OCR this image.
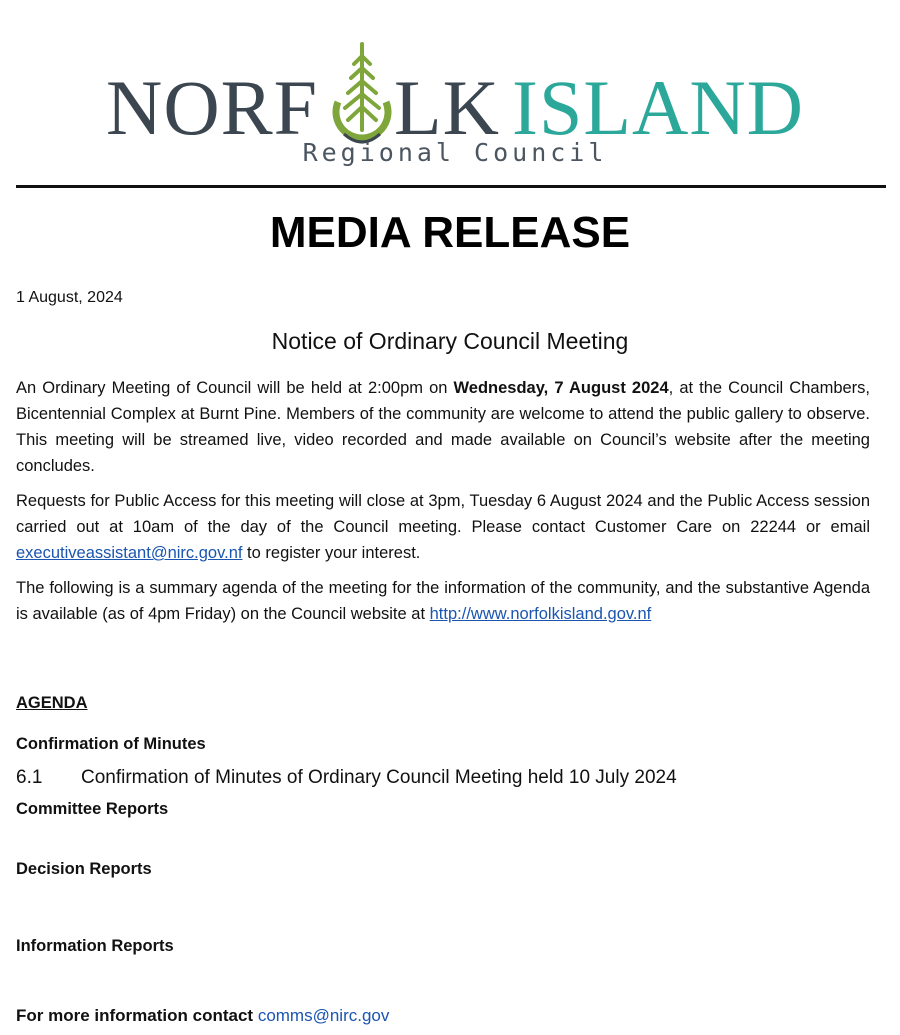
NORF LK ISLAND
Regional Council
MEDIA RELEASE
1 August, 2024
Notice of Ordinary Council Meeting
An Ordinary Meeting of Council will be held at 2:00pm on Wednesday, 7 August 2024, at the Council Chambers, Bicentennial Complex at Burnt Pine. Members of the community are welcome to attend the public gallery to observe. This meeting will be streamed live, video recorded and made available on Council’s website after the meeting concludes.
Requests for Public Access for this meeting will close at 3pm, Tuesday 6 August 2024 and the Public Access session carried out at 10am of the day of the Council meeting. Please contact Customer Care on 22244 or email executiveassistant@nirc.gov.nf to register your interest.
The following is a summary agenda of the meeting for the information of the community, and the substantive Agenda is available (as of 4pm Friday) on the Council website at http://www.norfolkisland.gov.nf
AGENDA
Confirmation of Minutes
6.1 Confirmation of Minutes of Ordinary Council Meeting held 10 July 2024
Committee Reports
Decision Reports
Information Reports
For more information contact comms@nirc.gov
